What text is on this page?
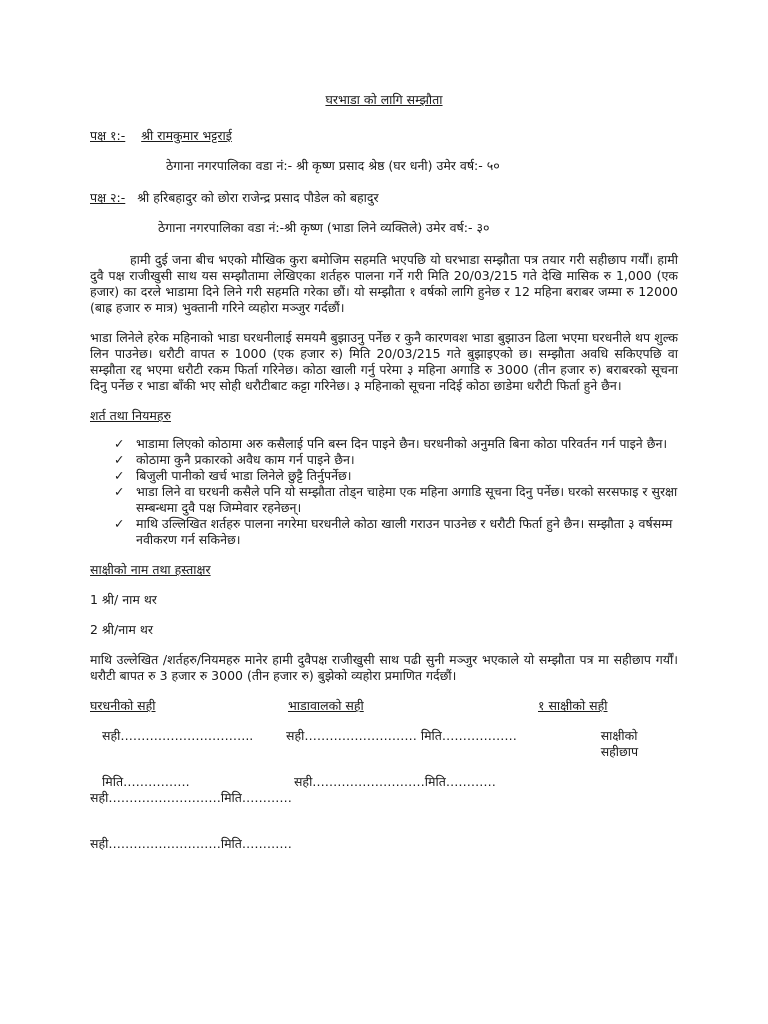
घरभाडा को लागि सम्झौता
पक्ष १:- श्री रामकुमार भट्टराई
ठेगाना नगरपालिका वडा नं:- श्री कृष्ण प्रसाद श्रेष्ठ (घर धनी) उमेर वर्ष:- ५०
पक्ष २:- श्री हरिबहादुर को छोरा राजेन्द्र प्रसाद पौडेल को बहादुर
ठेगाना नगरपालिका वडा नं:-श्री कृष्ण (भाडा लिने व्यक्तिले) उमेर वर्ष:- ३०

हामी दुई जना बीच भएको मौखिक कुरा बमोजिम सहमति भएपछि यो घरभाडा सम्झौता पत्र तयार गरी सहीछाप गर्यौं। हामी दुवै पक्ष राजीखुसी साथ यस सम्झौतामा लेखिएका शर्तहरु पालना गर्ने गरी मिति 20/03/215 गते देखि मासिक रु 1,000 (एक हजार) का दरले भाडामा दिने लिने गरी सहमति गरेका छौं। यो सम्झौता १ वर्षको लागि हुनेछ र 12 महिना बराबर जम्मा रु 12000 (बाह्र हजार रु मात्र) भुक्तानी गरिने व्यहोरा मञ्जुर गर्दछौं।

भाडा लिनेले हरेक महिनाको भाडा घरधनीलाई समयमै बुझाउनु पर्नेछ र कुनै कारणवश भाडा बुझाउन ढिला भएमा घरधनीले थप शुल्क लिन पाउनेछ। धरौटी वापत रु 1000 (एक हजार रु) मिति 20/03/215 गते बुझाइएको छ। सम्झौता अवधि सकिएपछि वा सम्झौता रद्द भएमा धरौटी रकम फिर्ता गरिनेछ। कोठा खाली गर्नु परेमा ३ महिना अगाडि रु 3000 (तीन हजार रु) बराबरको सूचना दिनु पर्नेछ र भाडा बाँकी भए सोही धरौटीबाट कट्टा गरिनेछ। ३ महिनाको सूचना नदिई कोठा छाडेमा धरौटी फिर्ता हुने छैन।

शर्त तथा नियमहरु
✓ भाडामा लिएको कोठामा अरु कसैलाई पनि बस्न दिन पाइने छैन। घरधनीको अनुमति बिना कोठा परिवर्तन गर्न पाइने छैन।
✓ कोठामा कुनै प्रकारको अवैध काम गर्न पाइने छैन।
✓ बिजुली पानीको खर्च भाडा लिनेले छुट्टै तिर्नुपर्नेछ।
✓ भाडा लिने वा घरधनी कसैले पनि यो सम्झौता तोड्न चाहेमा एक महिना अगाडि सूचना दिनु पर्नेछ। घरको सरसफाइ र सुरक्षा सम्बन्धमा दुवै पक्ष जिम्मेवार रहनेछन्।
✓ माथि उल्लिखित शर्तहरु पालना नगरेमा घरधनीले कोठा खाली गराउन पाउनेछ र धरौटी फिर्ता हुने छैन। सम्झौता ३ वर्षसम्म नवीकरण गर्न सकिनेछ।
साक्षीको नाम तथा हस्ताक्षर
1 श्री/ नाम थर
2 श्री/नाम थर

माथि उल्लेखित /शर्तहरु/नियमहरु मानेर हामी दुवैपक्ष राजीखुसी साथ पढी सुनी मञ्जुर भएकाले यो सम्झौता पत्र मा सहीछाप गर्यौं। धरौटी बापत रु 3 हजार रु 3000 (तीन हजार रु) बुझेको व्यहोरा प्रमाणित गर्दछौं।

घरधनीको सही	भाडावालको सही	१ साक्षीको सही
सही…………………………..	सही……………………… मिति………………	साक्षीको सहीछाप
मिति…………….	सही………………………मिति…………
सही………………………मिति…………
सही………………………मिति…………
